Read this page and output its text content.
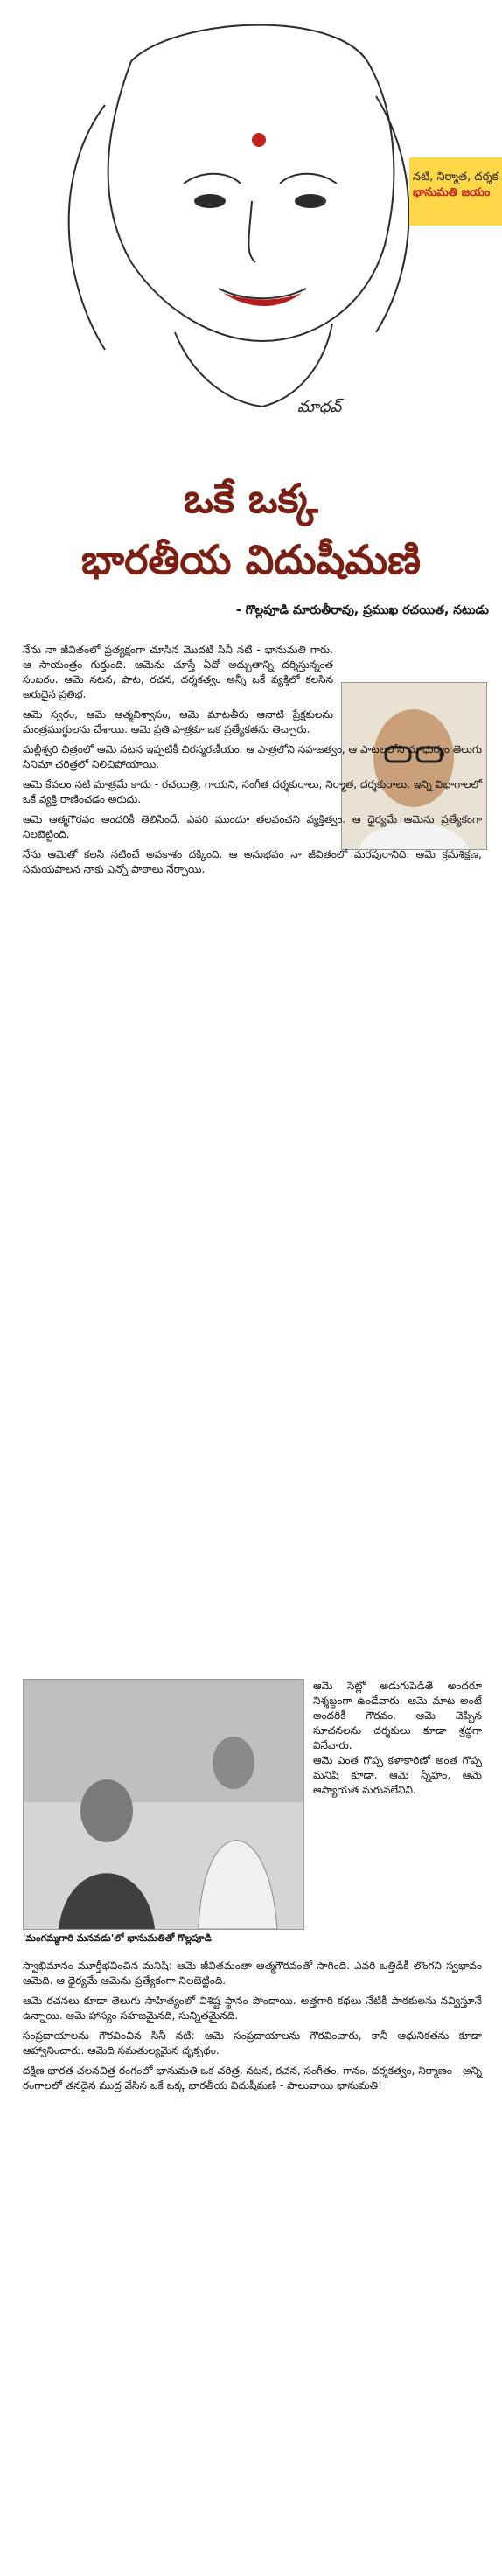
నటి, నిర్మాత, దర్శక
భానుమతి జయం
మాధవ్
ఒకే ఒక్క
భారతీయ విదుషీమణి
- గొల్లపూడి మారుతీరావు, ప్రముఖ రచయిత, నటుడు

నేను నా జీవితంలో ప్రత్యక్షంగా చూసిన మొదటి సినీ నటి - భానుమతి గారు. ఆ సాయంత్రం గుర్తుంది. ఆమెను చూస్తే ఏదో అద్భుతాన్ని దర్శిస్తున్నంత సంబరం. ఆమె నటన, పాట, రచన, దర్శకత్వం అన్నీ ఒకే వ్యక్తిలో కలసిన అరుదైన ప్రతిభ.

ఆమె స్వరం, ఆమె ఆత్మవిశ్వాసం, ఆమె మాటతీరు ఆనాటి ప్రేక్షకులను మంత్రముగ్ధులను చేశాయి. ఆమె ప్రతి పాత్రకూ ఒక ప్రత్యేకతను తెచ్చారు.

మల్లీశ్వరి చిత్రంలో ఆమె నటన ఇప్పటికీ చిరస్మరణీయం. ఆ పాత్రలోని సహజత్వం, ఆ పాటలలోని మాధుర్యం తెలుగు సినిమా చరిత్రలో నిలిచిపోయాయి.

ఆమె కేవలం నటి మాత్రమే కాదు - రచయిత్రి, గాయని, సంగీత దర్శకురాలు, నిర్మాత, దర్శకురాలు. ఇన్ని విభాగాలలో ఒకే వ్యక్తి రాణించడం అరుదు.

ఆమె ఆత్మగౌరవం అందరికీ తెలిసిందే. ఎవరి ముందూ తలవంచని వ్యక్తిత్వం. ఆ ధైర్యమే ఆమెను ప్రత్యేకంగా నిలబెట్టింది.

నేను ఆమెతో కలసి నటించే అవకాశం దక్కింది. ఆ అనుభవం నా జీవితంలో మరపురానిది. ఆమె క్రమశిక్షణ, సమయపాలన నాకు ఎన్నో పాఠాలు నేర్పాయి.

'మంగమ్మగారి మనవడు'లో భానుమతితో గొల్లపూడి

ఆమె సెట్లో అడుగుపెడితే అందరూ నిశ్శబ్దంగా ఉండేవారు. ఆమె మాట అంటే అందరికీ గౌరవం. ఆమె చెప్పిన సూచనలను దర్శకులు కూడా శ్రద్ధగా వినేవారు.

ఆమె ఎంత గొప్ప కళాకారిణో అంత గొప్ప మనిషి కూడా. ఆమె స్నేహం, ఆమె ఆప్యాయత మరువలేనివి.

స్వాభిమానం మూర్తీభవించిన మనిషి: ఆమె జీవితమంతా ఆత్మగౌరవంతో సాగింది. ఎవరి ఒత్తిడికీ లొంగని స్వభావం ఆమెది. ఆ ధైర్యమే ఆమెను ప్రత్యేకంగా నిలబెట్టింది.

ఆమె రచనలు కూడా తెలుగు సాహిత్యంలో విశిష్ట స్థానం పొందాయి. అత్తగారి కథలు నేటికీ పాఠకులను నవ్విస్తూనే ఉన్నాయి. ఆమె హాస్యం సహజమైనది, సున్నితమైనది.

సంప్రదాయాలను గౌరవించిన సినీ నటి: ఆమె సంప్రదాయాలను గౌరవించారు, కానీ ఆధునికతను కూడా ఆహ్వానించారు. ఆమెది సమతుల్యమైన దృక్పథం.

దక్షిణ భారత చలనచిత్ర రంగంలో భానుమతి ఒక చరిత్ర. నటన, రచన, సంగీతం, గానం, దర్శకత్వం, నిర్మాణం - అన్ని రంగాలలో తనదైన ముద్ర వేసిన ఒకే ఒక్క భారతీయ విదుషీమణి - పాలువాయి భానుమతి!
